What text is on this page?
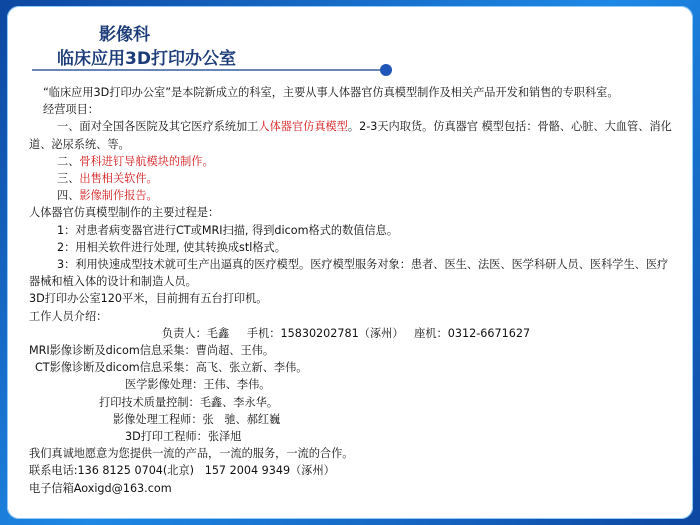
影像科
临床应用3D打印办公室

“临床应用3D打印办公室”是本院新成立的科室，主要从事人体器官仿真模型制作及相关产品开发和销售的专职科室。

经营项目：

一、面对全国各医院及其它医疗系统加工人体器官仿真模型。2-3天内取货。仿真器官 模型包括：骨骼、心脏、大血管、消化道、泌尿系统、等。

二、骨科进钉导航模块的制作。

三、出售相关软件。

四、影像制作报告。

人体器官仿真模型制作的主要过程是：

1：对患者病变器官进行CT或MRI扫描, 得到dicom格式的数值信息。

2：用相关软件进行处理, 使其转换成stl格式。

3：利用快速成型技术就可生产出逼真的医疗模型。医疗模型服务对象：患者、医生、法医、医学科研人员、医科学生、医疗器械和植入体的设计和制造人员。

3D打印办公室120平米，目前拥有五台打印机。

工作人员介绍：

负责人：毛鑫     手机：15830202781（涿州）   座机：0312-6671627

MRI影像诊断及dicom信息采集：曹尚超、王伟。

CT影像诊断及dicom信息采集：高飞、张立新、李伟。

医学影像处理：王伟、李伟。

打印技术质量控制：毛鑫、李永华。

影像处理工程师：张   驰、郝红巍

3D打印工程师：张泽旭

我们真诚地愿意为您提供一流的产品，一流的服务，一流的合作。

联系电话:136 8125 0704(北京)   157 2004 9349（涿州）

电子信箱Aoxigd@163.com
